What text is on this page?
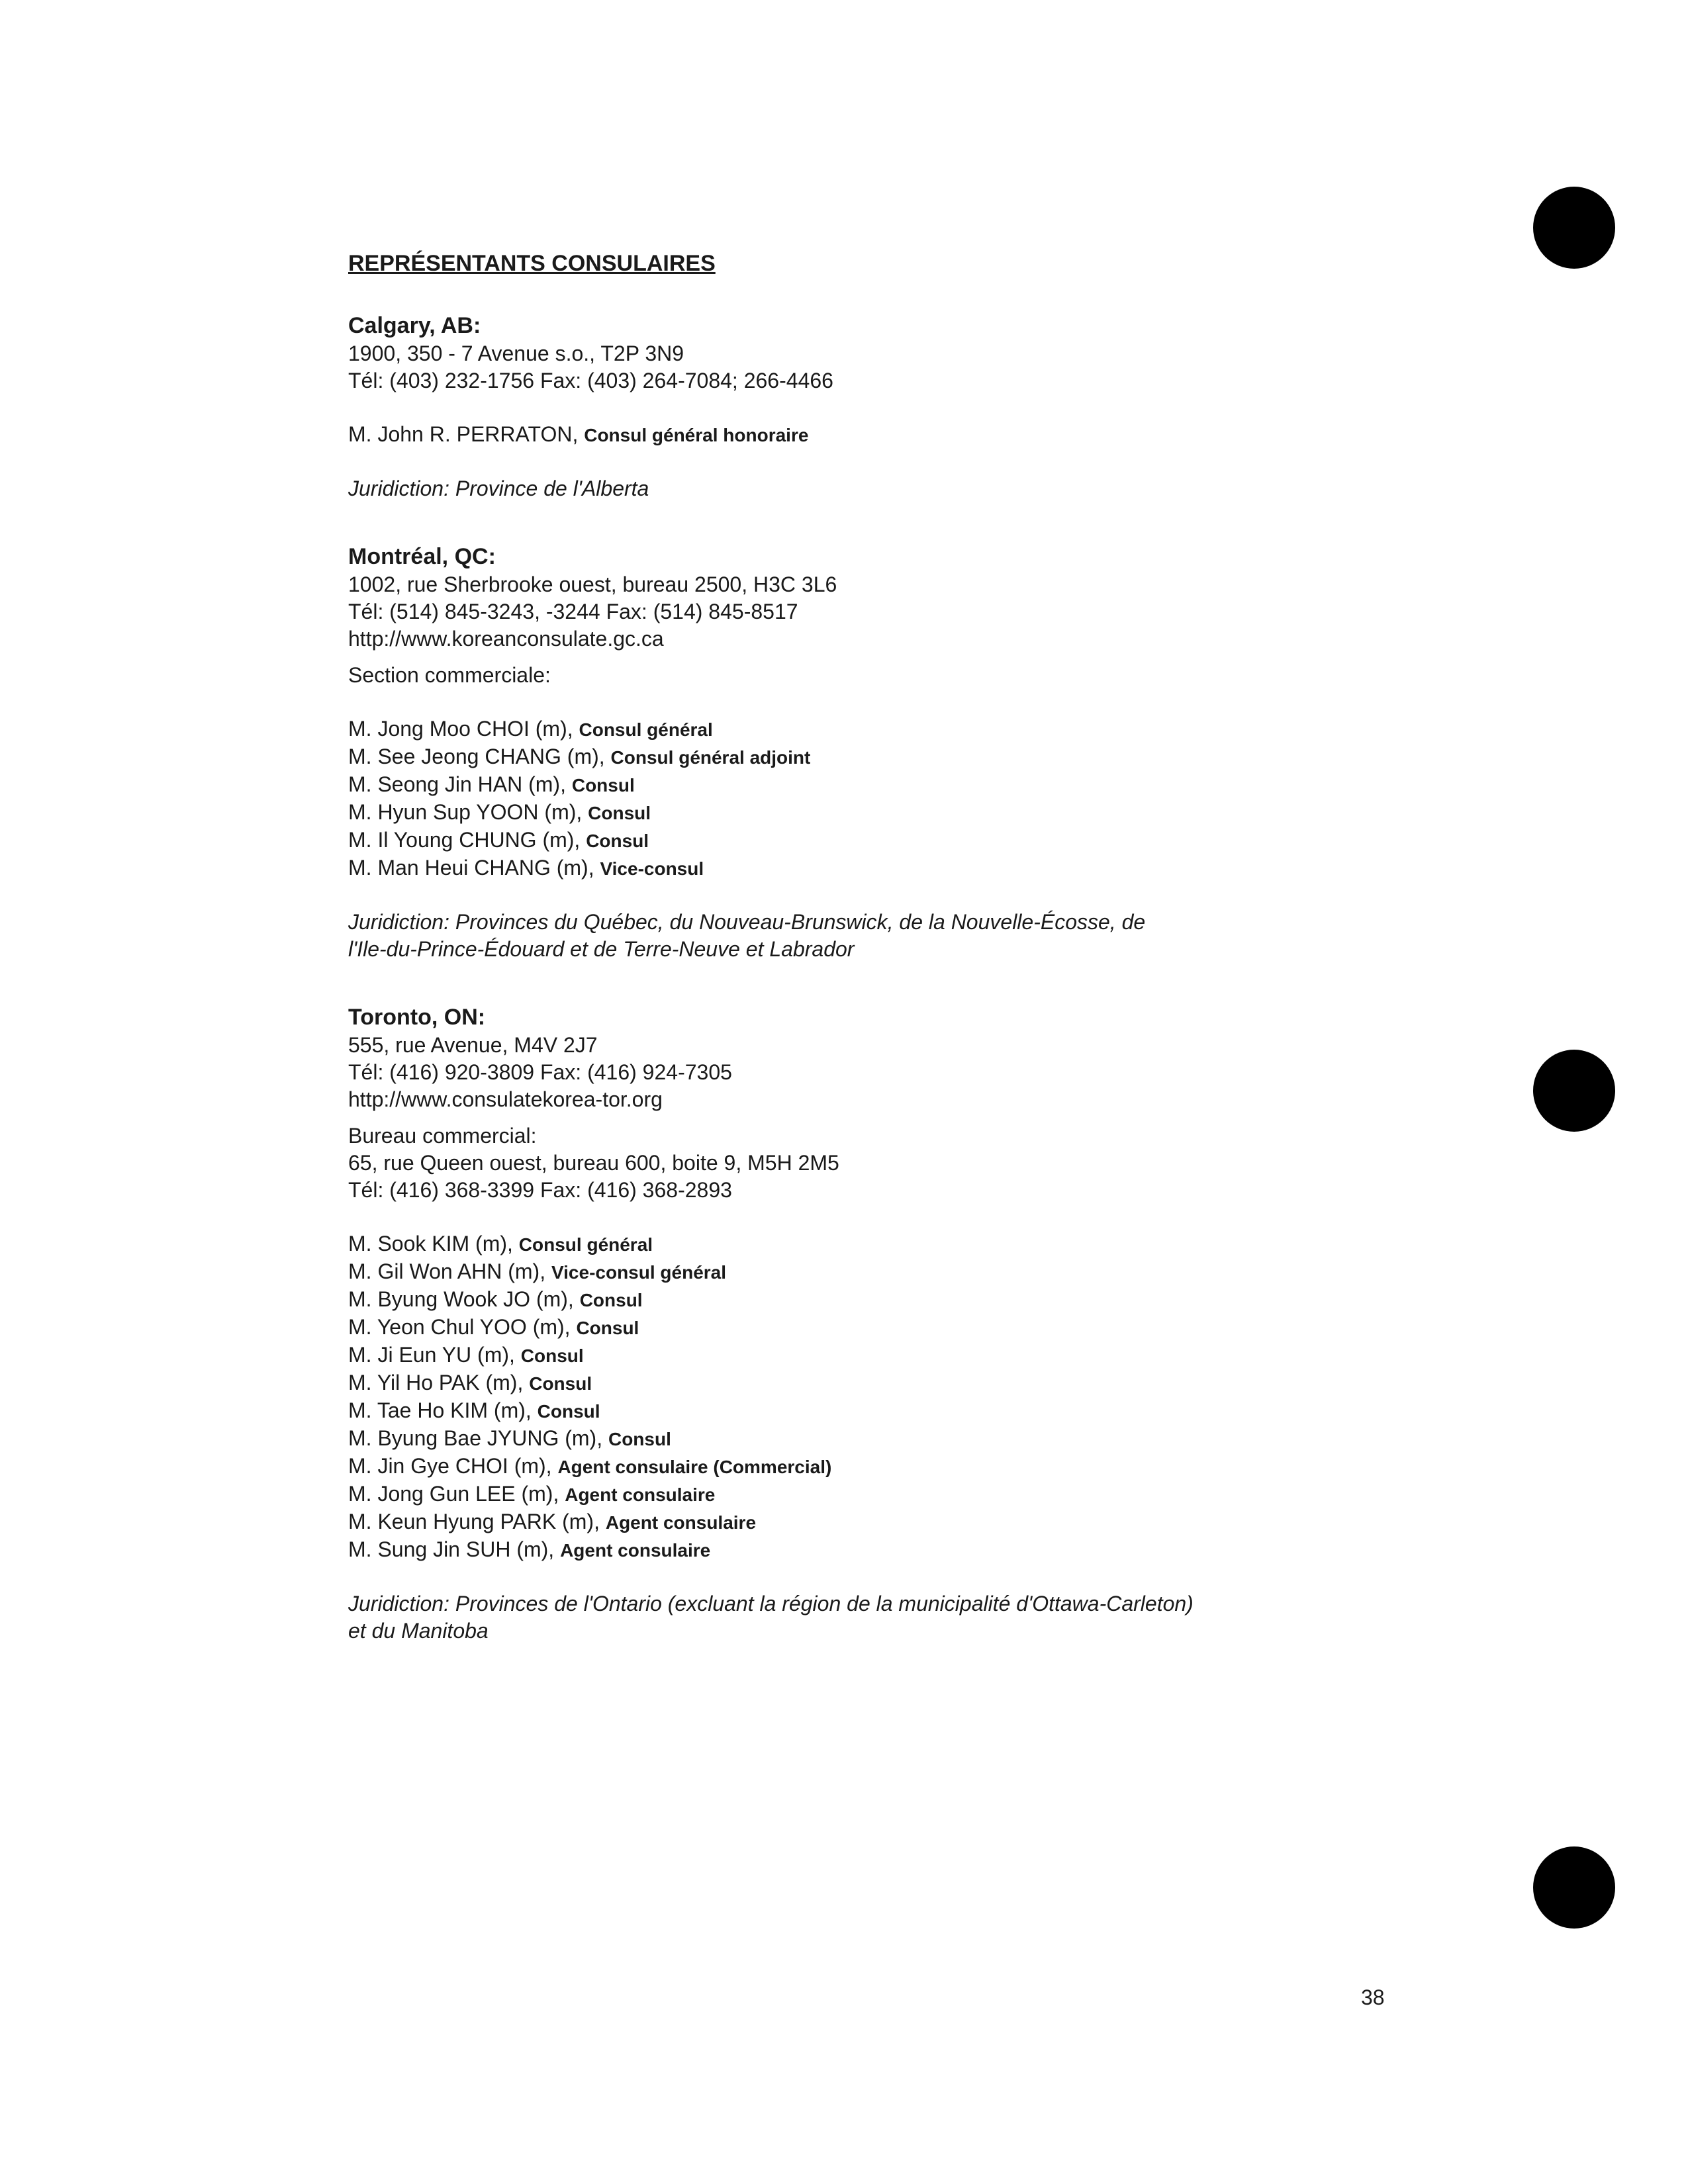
REPRÉSENTANTS CONSULAIRES

Calgary, AB:

1900, 350 - 7 Avenue s.o., T2P 3N9

Tél: (403) 232-1756 Fax: (403) 264-7084; 266-4466

M. John R. PERRATON, Consul général honoraire

Juridiction: Province de l'Alberta

Montréal, QC:

1002, rue Sherbrooke ouest, bureau 2500, H3C 3L6

Tél: (514) 845-3243, -3244 Fax: (514) 845-8517

http://www.koreanconsulate.gc.ca

Section commerciale:

M. Jong Moo CHOI (m), Consul général

M. See Jeong CHANG (m), Consul général adjoint

M. Seong Jin HAN (m), Consul

M. Hyun Sup YOON (m), Consul

M. Il Young CHUNG (m), Consul

M. Man Heui CHANG (m), Vice-consul

Juridiction: Provinces du Québec, du Nouveau-Brunswick, de la Nouvelle-Écosse, de

l'Ile-du-Prince-Édouard et de Terre-Neuve et Labrador

Toronto, ON:

555, rue Avenue, M4V 2J7

Tél: (416) 920-3809 Fax: (416) 924-7305

http://www.consulatekorea-tor.org

Bureau commercial:

65, rue Queen ouest, bureau 600, boite 9, M5H 2M5

Tél: (416) 368-3399 Fax: (416) 368-2893

M. Sook KIM (m), Consul général

M. Gil Won AHN (m), Vice-consul général

M. Byung Wook JO (m), Consul

M. Yeon Chul YOO (m), Consul

M. Ji Eun YU (m), Consul

M. Yil Ho PAK (m), Consul

M. Tae Ho KIM (m), Consul

M. Byung Bae JYUNG (m), Consul

M. Jin Gye CHOI (m), Agent consulaire (Commercial)

M. Jong Gun LEE (m), Agent consulaire

M. Keun Hyung PARK (m), Agent consulaire

M. Sung Jin SUH (m), Agent consulaire

Juridiction: Provinces de l'Ontario (excluant la région de la municipalité d'Ottawa-Carleton)

et du Manitoba

38
